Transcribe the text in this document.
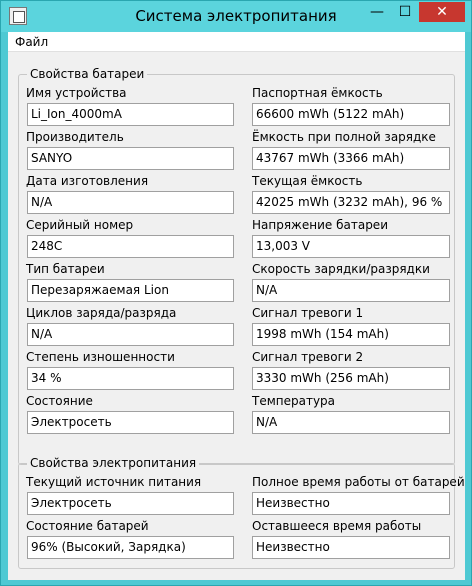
Система электропитания	—	☐	✕
Файл
Свойства батареи
Имя устройства
Li_Ion_4000mA
Производитель
SANYO
Дата изготовления
N/A
Серийный номер
248C
Тип батареи
Перезаряжаемая Lion
Циклов заряда/разряда
N/A
Степень изношенности
34 %
Состояние
Электросеть
Паспортная ёмкость
66600 mWh (5122 mAh)
Ёмкость при полной зарядке
43767 mWh (3366 mAh)
Текущая ёмкость
42025 mWh (3232 mAh), 96 %
Напряжение батареи
13,003 V
Скорость зарядки/разрядки
N/A
Сигнал тревоги 1
1998 mWh (154 mAh)
Сигнал тревоги 2
3330 mWh (256 mAh)
Температура
N/A
Свойства электропитания
Текущий источник питания
Электросеть
Состояние батарей
96% (Высокий, Зарядка)
Полное время работы от батарей
Неизвестно
Оставшееся время работы
Неизвестно
